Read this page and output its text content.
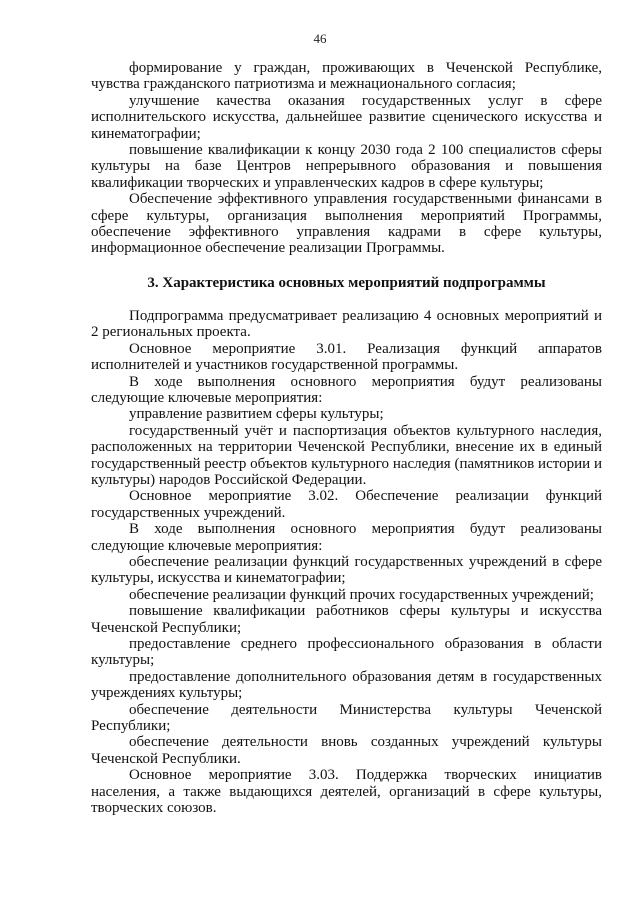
46

формирование у граждан, проживающих в Чеченской Республике, чувства гражданского патриотизма и межнационального согласия;

улучшение качества оказания государственных услуг в сфере исполнительского искусства, дальнейшее развитие сценического искусства и кинематографии;

повышение квалификации к концу 2030 года 2 100 специалистов сферы культуры на базе Центров непрерывного образования и повышения квалификации творческих и управленческих кадров в сфере культуры;

Обеспечение эффективного управления государственными финансами в сфере культуры, организация выполнения мероприятий Программы, обеспечение эффективного управления кадрами в сфере культуры, информационное обеспечение реализации Программы.

3. Характеристика основных мероприятий подпрограммы

Подпрограмма предусматривает реализацию 4 основных мероприятий и 2 региональных проекта.

Основное мероприятие 3.01. Реализация функций аппаратов исполнителей и участников государственной программы.

В ходе выполнения основного мероприятия будут реализованы следующие ключевые мероприятия:

управление развитием сферы культуры;

государственный учёт и паспортизация объектов культурного наследия, расположенных на территории Чеченской Республики, внесение их в единый государственный реестр объектов культурного наследия (памятников истории и культуры) народов Российской Федерации.

Основное мероприятие 3.02. Обеспечение реализации функций государственных учреждений.

В ходе выполнения основного мероприятия будут реализованы следующие ключевые мероприятия:

обеспечение реализации функций государственных учреждений в сфере культуры, искусства и кинематографии;

обеспечение реализации функций прочих государственных учреждений;

повышение квалификации работников сферы культуры и искусства Чеченской Республики;

предоставление среднего профессионального образования в области культуры;

предоставление дополнительного образования детям в государственных учреждениях культуры;

обеспечение деятельности Министерства культуры Чеченской Республики;

обеспечение деятельности вновь созданных учреждений культуры Чеченской Республики.

Основное мероприятие 3.03. Поддержка творческих инициатив населения, а также выдающихся деятелей, организаций в сфере культуры, творческих союзов.
